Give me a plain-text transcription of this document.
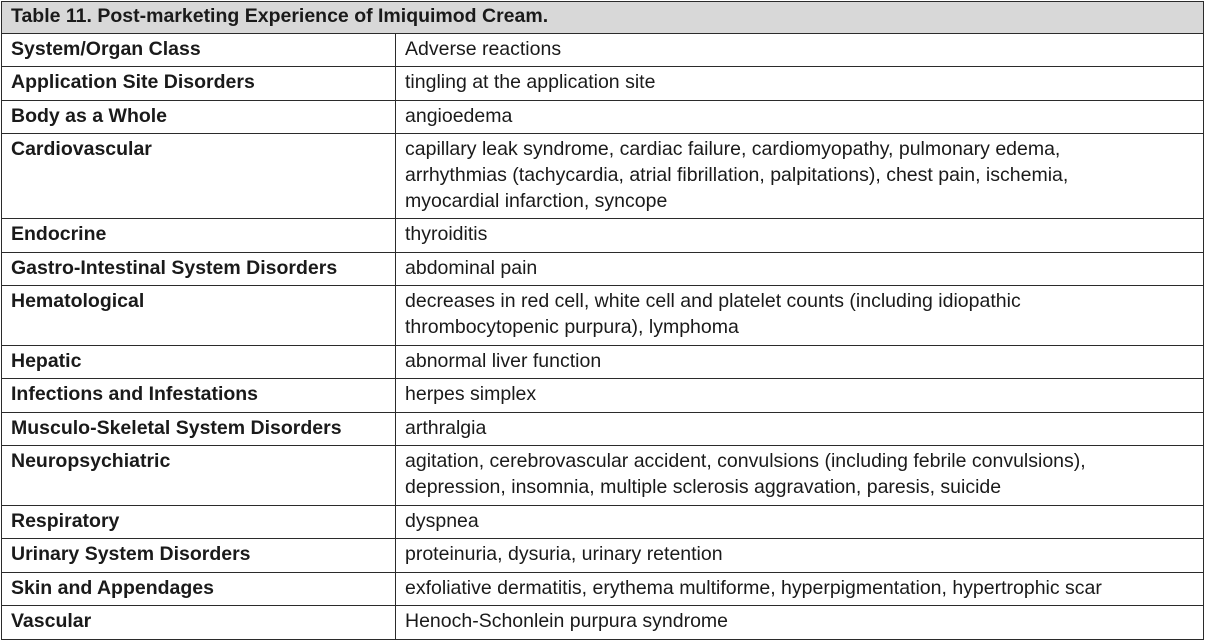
Table 11. Post-marketing Experience of Imiquimod Cream.	
System/Organ Class	Adverse reactions
Application Site Disorders	tingling at the application site

Body as a Whole	angioedema

Cardiovascular	capillary leak syndrome, cardiac failure, cardiomyopathy, pulmonary edema,
arrhythmias (tachycardia, atrial fibrillation, palpitations), chest pain, ischemia,
myocardial infarction, syncope

Endocrine	thyroiditis

Gastro-Intestinal System Disorders	abdominal pain

Hematological	decreases in red cell, white cell and platelet counts (including idiopathic
thrombocytopenic purpura), lymphoma

Hepatic	abnormal liver function

Infections and Infestations	herpes simplex

Musculo-Skeletal System Disorders	arthralgia

Neuropsychiatric	agitation, cerebrovascular accident, convulsions (including febrile convulsions),
depression, insomnia, multiple sclerosis aggravation, paresis, suicide

Respiratory	dyspnea

Urinary System Disorders	proteinuria, dysuria, urinary retention

Skin and Appendages	exfoliative dermatitis, erythema multiforme, hyperpigmentation, hypertrophic scar

Vascular	Henoch-Schonlein purpura syndrome
